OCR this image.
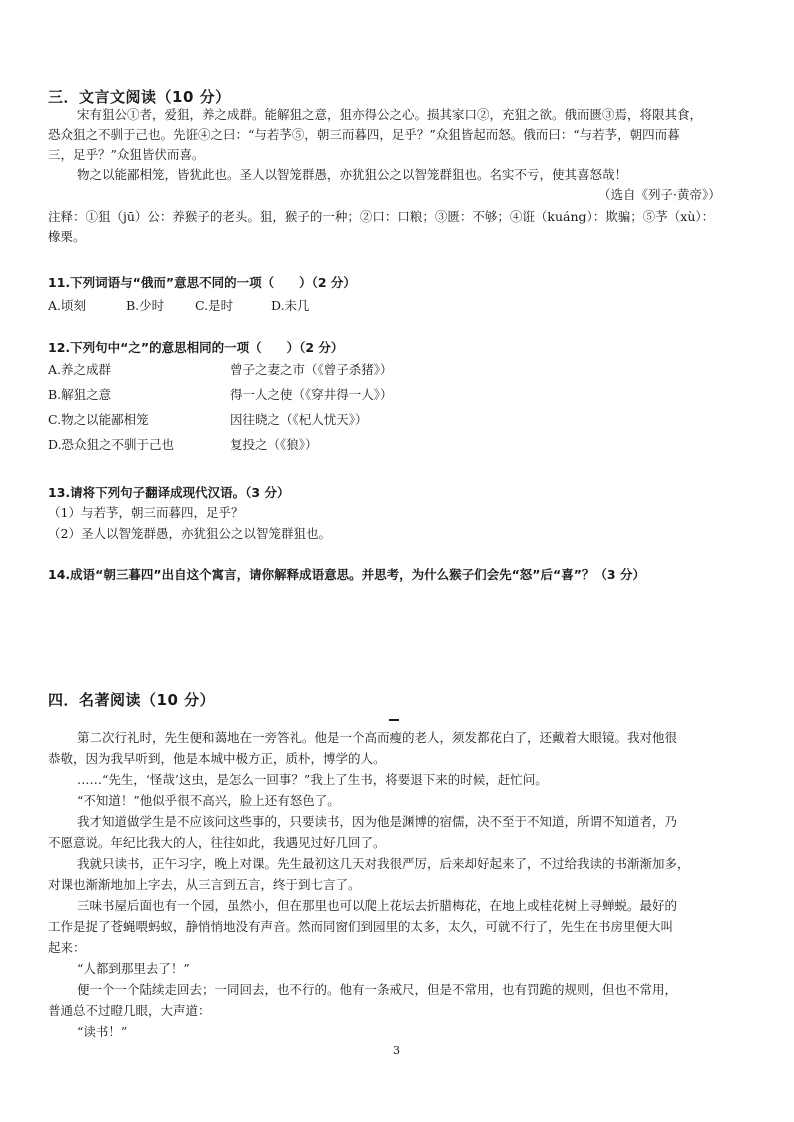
三．文言文阅读（10 分）
宋有狙公①者，爱狙，养之成群。能解狙之意，狙亦得公之心。损其家口②，充狙之欲。俄而匮③焉，将限其食，
恐众狙之不驯于己也。先诳④之曰：“与若芧⑤，朝三而暮四，足乎？”众狙皆起而怒。俄而曰：“与若芧，朝四而暮
三，足乎？”众狙皆伏而喜。
物之以能鄙相笼，皆犹此也。圣人以智笼群愚，亦犹狙公之以智笼群狙也。名实不亏，使其喜怒哉！
（选自《列子·黄帝》）
注释：①狙（jū）公：养猴子的老头。狙，猴子的一种；②口：口粮；③匮：不够；④诳（kuáng）：欺骗；⑤芧（xù）：
橡栗。
11.下列词语与“俄而”意思不同的一项（　　）（2 分）
A.顷刻	B.少时 C.是时	D.未几
12.下列句中“之”的意思相同的一项（　　）（2 分）
A.养之成群	曾子之妻之市（《曾子杀猪》）
B.解狙之意	得一人之使（《穿井得一人》）
C.物之以能鄙相笼	因往晓之（《杞人忧天》）
D.恐众狙之不驯于己也	复投之（《狼》）
13.请将下列句子翻译成现代汉语。（3 分）
（1）与若芧，朝三而暮四，足乎？
（2）圣人以智笼群愚，亦犹狙公之以智笼群狙也。
14.成语“朝三暮四”出自这个寓言，请你解释成语意思。并思考，为什么猴子们会先“怒”后“喜”？（3 分）
四．名著阅读（10 分）
第二次行礼时，先生便和蔼地在一旁答礼。他是一个高而瘦的老人，须发都花白了，还戴着大眼镜。我对他很
恭敬，因为我早听到，他是本城中极方正，质朴，博学的人。
……“先生，‘怪哉’这虫，是怎么一回事？”我上了生书，将要退下来的时候，赶忙问。
“不知道！”他似乎很不高兴，脸上还有怒色了。
我才知道做学生是不应该问这些事的，只要读书，因为他是渊博的宿儒，决不至于不知道，所谓不知道者，乃
不愿意说。年纪比我大的人，往往如此，我遇见过好几回了。
我就只读书，正午习字，晚上对课。先生最初这几天对我很严厉，后来却好起来了，不过给我读的书渐渐加多，
对课也渐渐地加上字去，从三言到五言，终于到七言了。
三味书屋后面也有一个园，虽然小，但在那里也可以爬上花坛去折腊梅花，在地上或桂花树上寻蝉蜕。最好的
工作是捉了苍蝇喂蚂蚁，静悄悄地没有声音。然而同窗们到园里的太多，太久，可就不行了，先生在书房里便大叫
起来：
“人都到那里去了！”
便一个一个陆续走回去；一同回去，也不行的。他有一条戒尺，但是不常用，也有罚跪的规则，但也不常用，
普通总不过瞪几眼，大声道：
“读书！”
3
